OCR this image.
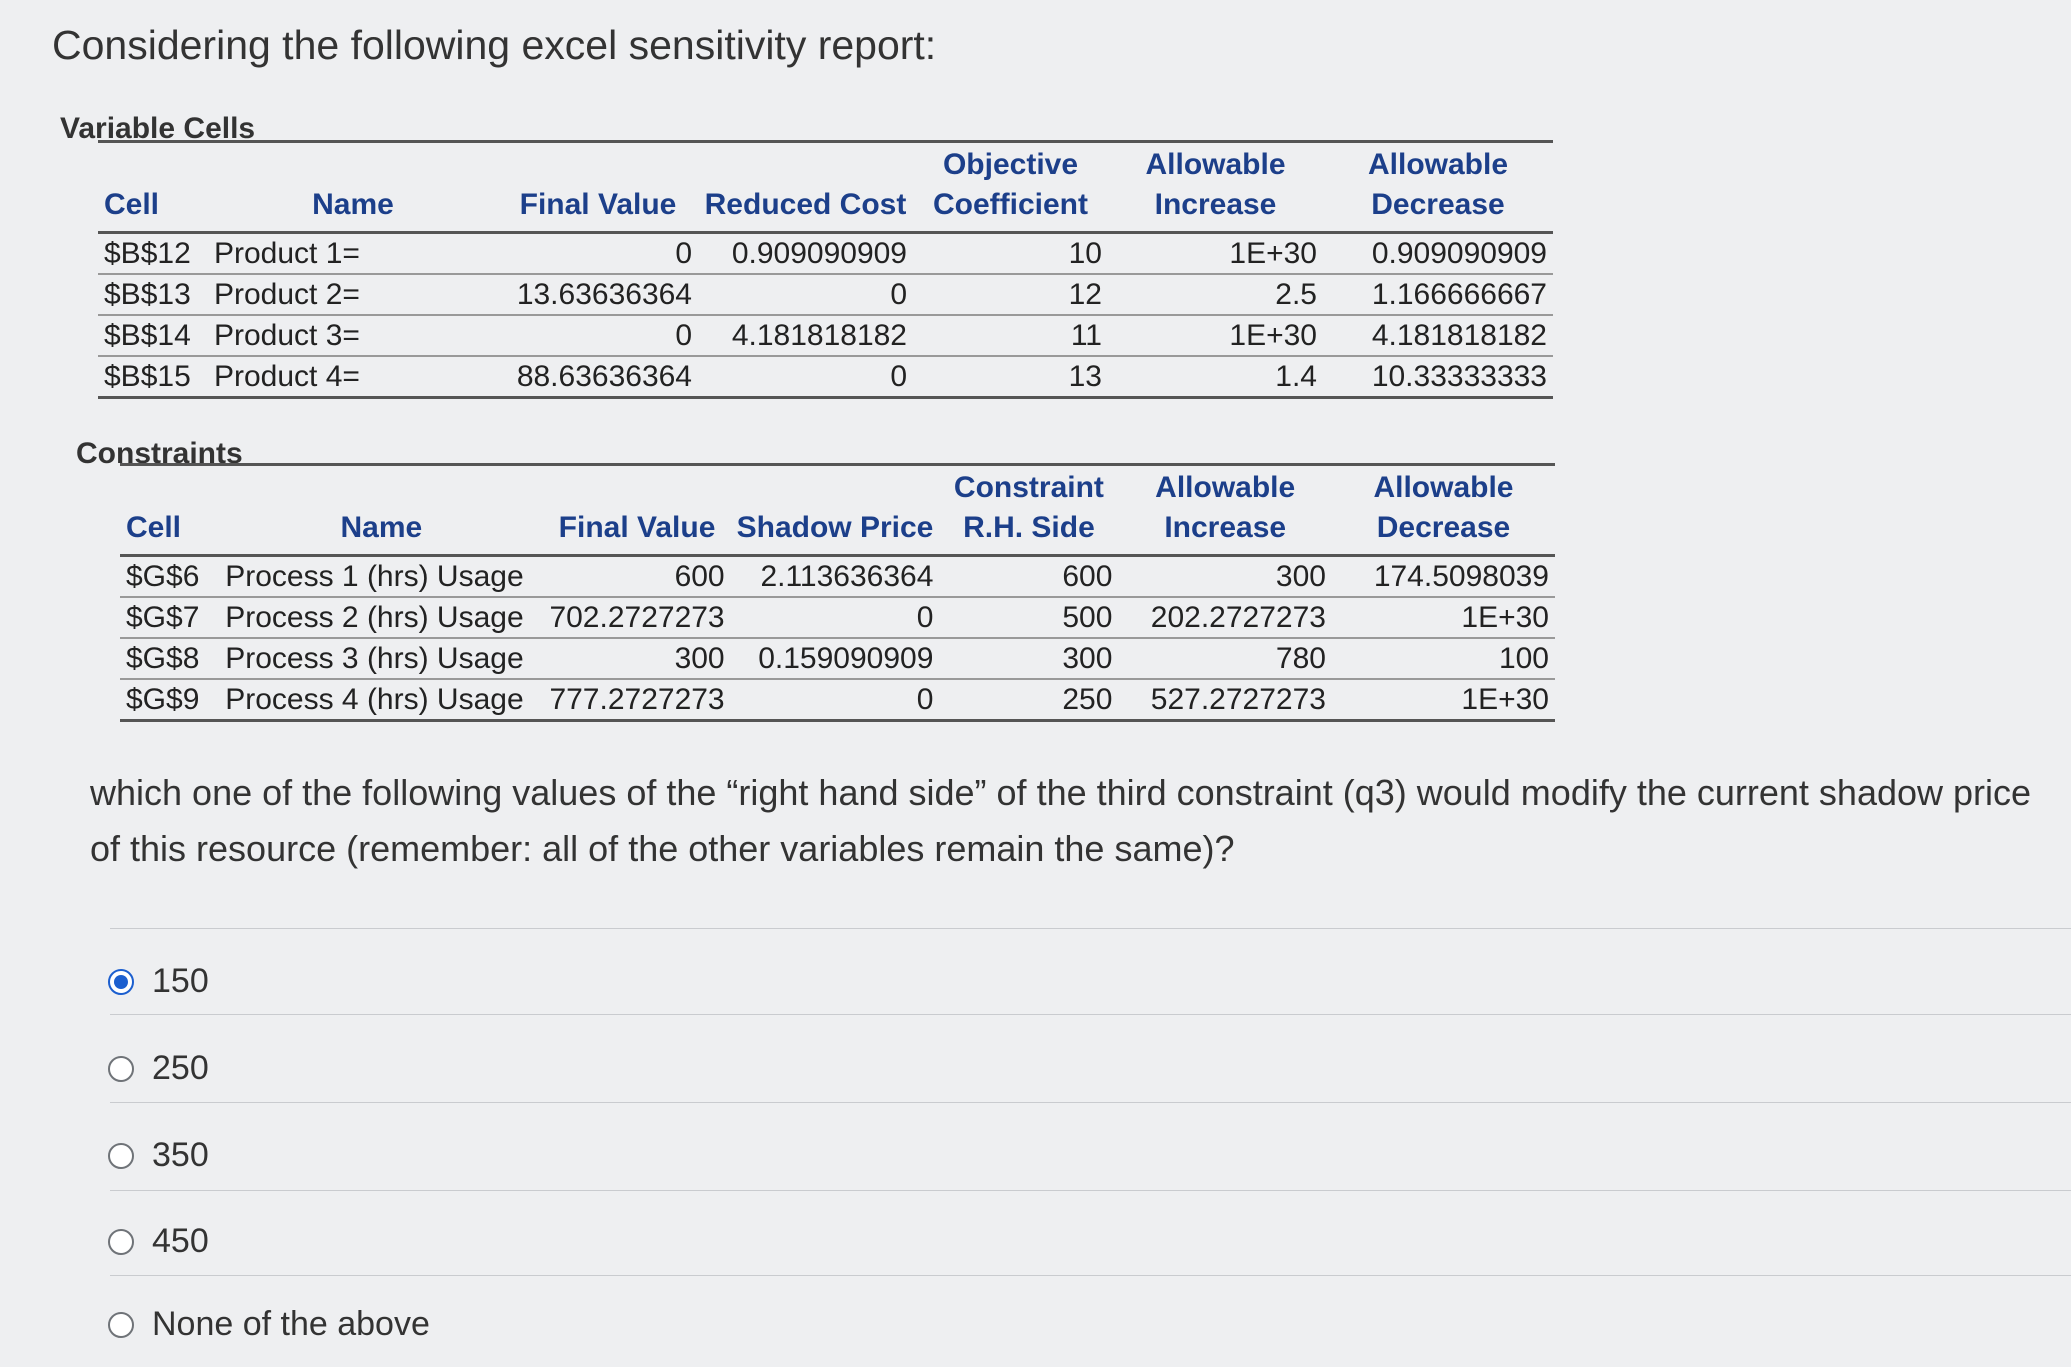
Considering the following excel sensitivity report:
Variable Cells
Cell	Name	Final Value	Reduced Cost	Objective Coefficient	Allowable Increase	Allowable Decrease
$B$12	Product 1=	0	0.909090909	10	1E+30	0.909090909
$B$13	Product 2=	13.63636364	0	12	2.5	1.166666667
$B$14	Product 3=	0	4.181818182	11	1E+30	4.181818182
$B$15	Product 4=	88.63636364	0	13	1.4	10.33333333
Constraints
Cell	Name	Final Value	Shadow Price	Constraint R.H. Side	Allowable Increase	Allowable Decrease
$G$6	Process 1 (hrs) Usage	600	2.113636364	600	300	174.5098039
$G$7	Process 2 (hrs) Usage	702.2727273	0	500	202.2727273	1E+30
$G$8	Process 3 (hrs) Usage	300	0.159090909	300	780	100
$G$9	Process 4 (hrs) Usage	777.2727273	0	250	527.2727273	1E+30

which one of the following values of the “right hand side” of the third constraint (q3) would modify the current shadow price of this resource (remember: all of the other variables remain the same)?

150
250
350
450
None of the above
